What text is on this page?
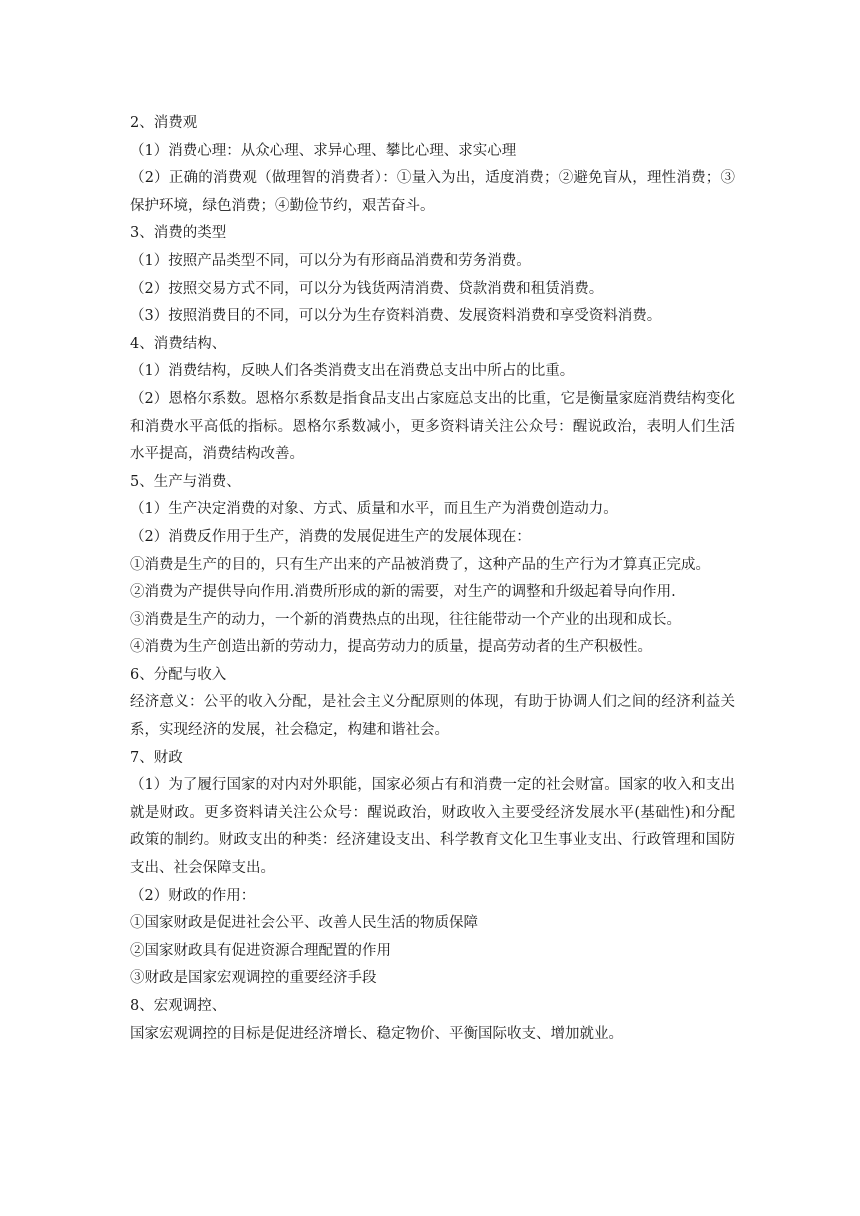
2、消费观

（1）消费心理：从众心理、求异心理、攀比心理、求实心理

（2）正确的消费观（做理智的消费者）：①量入为出，适度消费；②避免盲从，理性消费；③保护环境，绿色消费；④勤俭节约，艰苦奋斗。

3、消费的类型

（1）按照产品类型不同，可以分为有形商品消费和劳务消费。

（2）按照交易方式不同，可以分为钱货两清消费、贷款消费和租赁消费。

（3）按照消费目的不同，可以分为生存资料消费、发展资料消费和享受资料消费。

4、消费结构、

（1）消费结构，反映人们各类消费支出在消费总支出中所占的比重。

（2）恩格尔系数。恩格尔系数是指食品支出占家庭总支出的比重，它是衡量家庭消费结构变化和消费水平高低的指标。恩格尔系数减小，更多资料请关注公众号：醒说政治，表明人们生活水平提高，消费结构改善。

5、生产与消费、

（1）生产决定消费的对象、方式、质量和水平，而且生产为消费创造动力。

（2）消费反作用于生产，消费的发展促进生产的发展体现在：

①消费是生产的目的，只有生产出来的产品被消费了，这种产品的生产行为才算真正完成。

②消费为产提供导向作用.消费所形成的新的需要，对生产的调整和升级起着导向作用.

③消费是生产的动力，一个新的消费热点的出现，往往能带动一个产业的出现和成长。

④消费为生产创造出新的劳动力，提高劳动力的质量，提高劳动者的生产积极性。

6、分配与收入

经济意义：公平的收入分配，是社会主义分配原则的体现，有助于协调人们之间的经济利益关系，实现经济的发展，社会稳定，构建和谐社会。

7、财政

（1）为了履行国家的对内对外职能，国家必须占有和消费一定的社会财富。国家的收入和支出就是财政。更多资料请关注公众号：醒说政治，财政收入主要受经济发展水平(基础性)和分配政策的制约。财政支出的种类：经济建设支出、科学教育文化卫生事业支出、行政管理和国防支出、社会保障支出。

（2）财政的作用：

①国家财政是促进社会公平、改善人民生活的物质保障

②国家财政具有促进资源合理配置的作用

③财政是国家宏观调控的重要经济手段

8、宏观调控、

国家宏观调控的目标是促进经济增长、稳定物价、平衡国际收支、增加就业。
